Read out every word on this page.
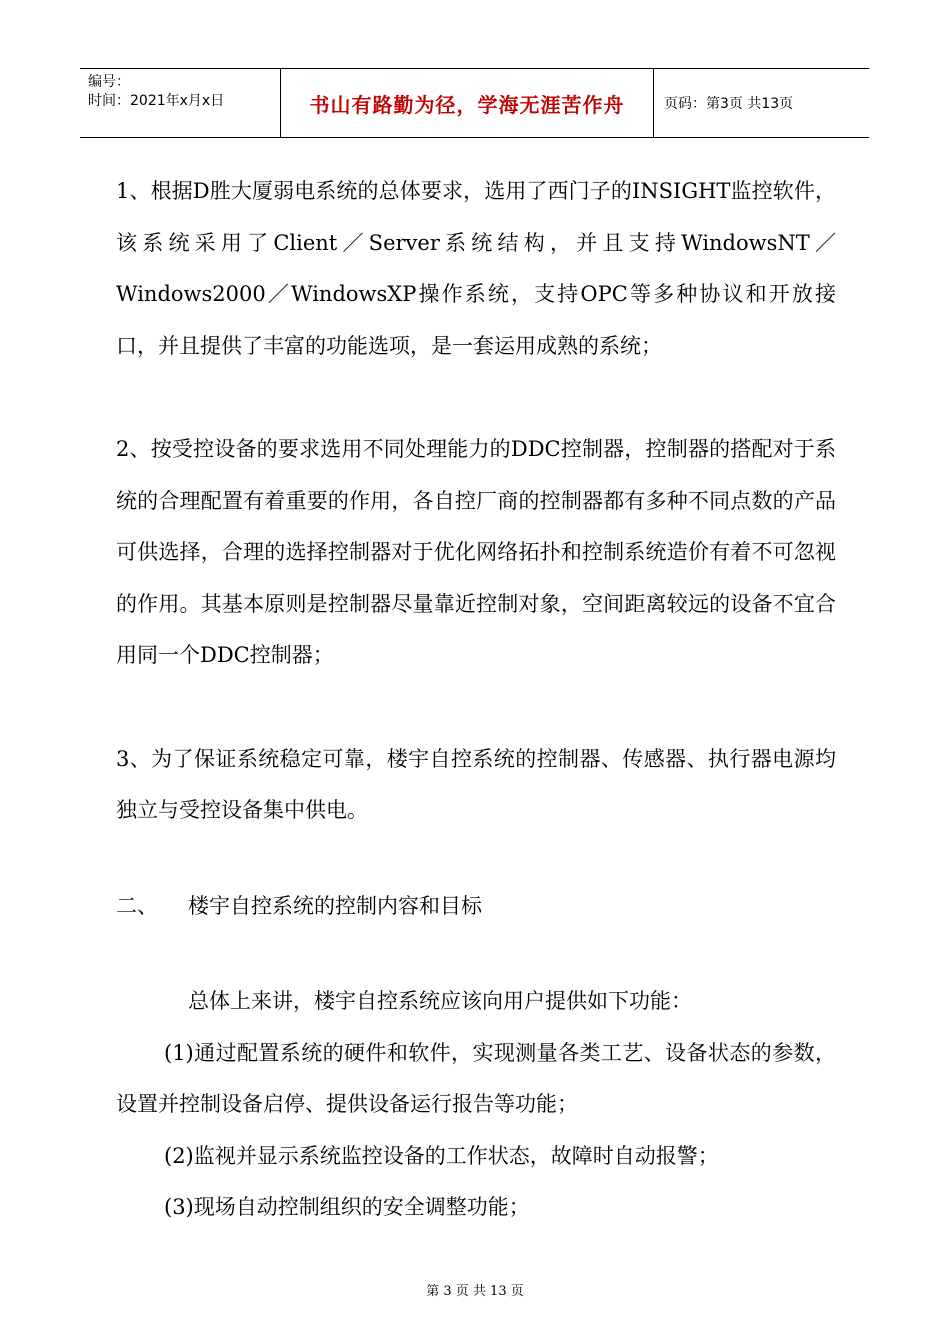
编号：
时间：2021年x月x日	书山有路勤为径，学海无涯苦作舟	页码：第3页 共13页

1、根据D胜大厦弱电系统的总体要求，选用了西门子的INSIGHT监控软件，该系统采用了Client／Server系统结构，并且支持WindowsNT／Windows2000／WindowsXP操作系统，支持OPC等多种协议和开放接口，并且提供了丰富的功能选项，是一套运用成熟的系统；

2、按受控设备的要求选用不同处理能力的DDC控制器，控制器的搭配对于系统的合理配置有着重要的作用，各自控厂商的控制器都有多种不同点数的产品可供选择，合理的选择控制器对于优化网络拓扑和控制系统造价有着不可忽视的作用。其基本原则是控制器尽量靠近控制对象，空间距离较远的设备不宜合用同一个DDC控制器；

3、为了保证系统稳定可靠，楼宇自控系统的控制器、传感器、执行器电源均独立与受控设备集中供电。

二、 楼宇自控系统的控制内容和目标

总体上来讲，楼宇自控系统应该向用户提供如下功能：

(1)通过配置系统的硬件和软件，实现测量各类工艺、设备状态的参数，设置并控制设备启停、提供设备运行报告等功能；

(2)监视并显示系统监控设备的工作状态，故障时自动报警；

(3)现场自动控制组织的安全调整功能；

第 3 页 共 13 页
